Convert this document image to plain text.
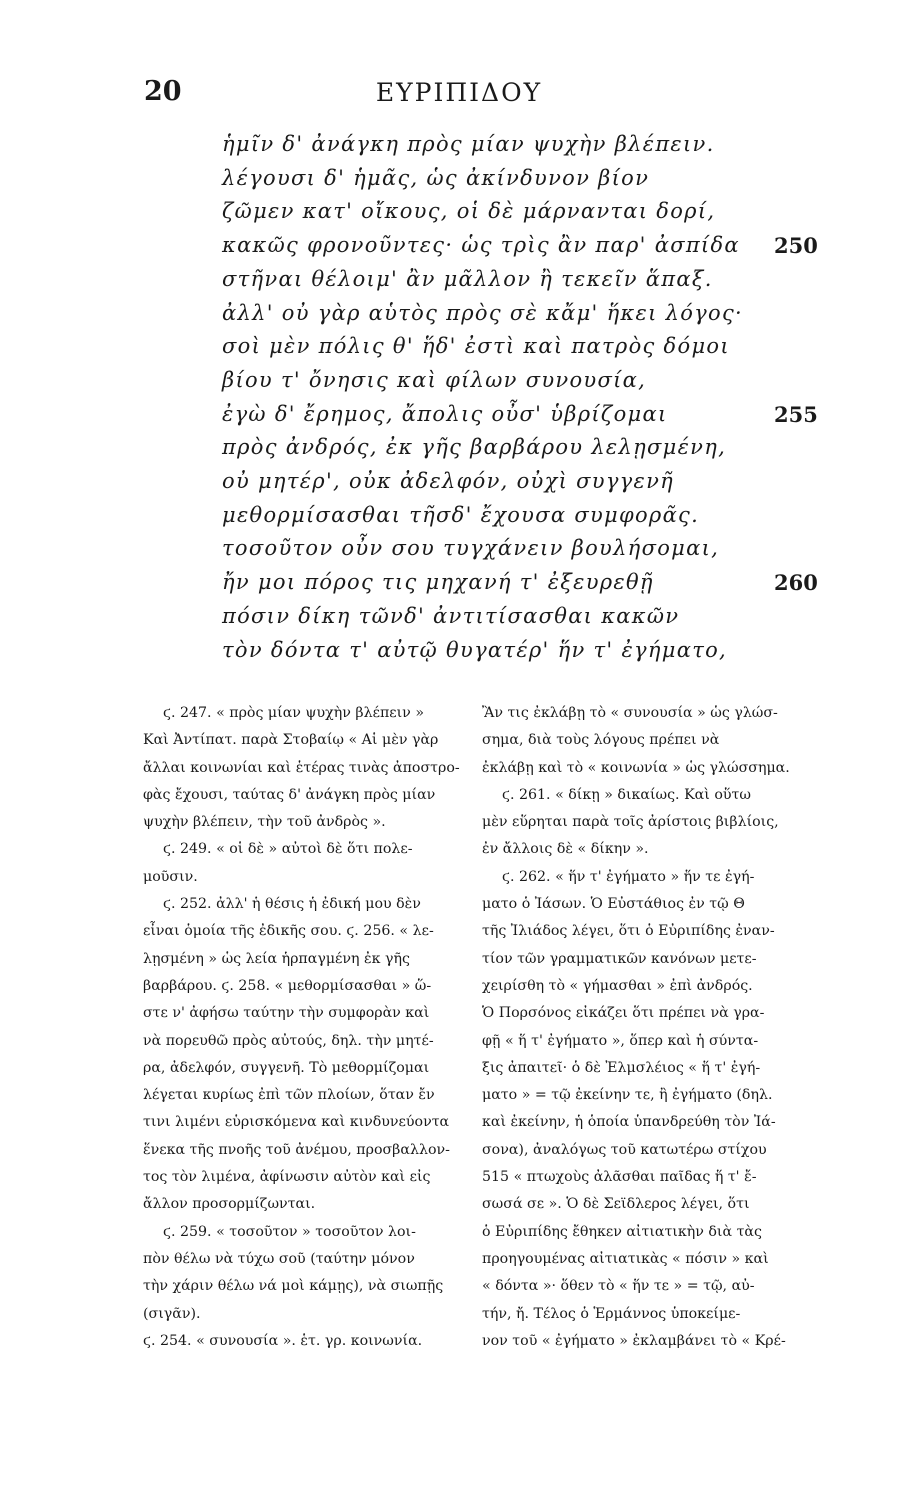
20	ΕΥΡΙΠΙΔΟΥ
ἡμῖν δ' ἀνάγκη πρὸς μίαν ψυχὴν βλέπειν.
λέγουσι δ' ἡμᾶς, ὡς ἀκίνδυνον βίον
ζῶμεν κατ' οἴκους, οἱ δὲ μάρνανται δορί,
κακῶς φρονοῦντες· ὡς τρὶς ἂν παρ' ἀσπίδα 250
στῆναι θέλοιμ' ἂν μᾶλλον ἢ τεκεῖν ἅπαξ.
ἀλλ' οὐ γὰρ αὑτὸς πρὸς σὲ κἄμ' ἥκει λόγος·
σοὶ μὲν πόλις θ' ἥδ' ἐστὶ καὶ πατρὸς δόμοι
βίου τ' ὄνησις καὶ φίλων συνουσία,
ἐγὼ δ' ἔρημος, ἄπολις οὖσ' ὑβρίζομαι	255
πρὸς ἀνδρός, ἐκ γῆς βαρβάρου λελῃσμένη,
οὐ μητέρ', οὐκ ἀδελφόν, οὐχὶ συγγενῆ
μεθορμίσασθαι τῆσδ' ἔχουσα συμφορᾶς.
τοσοῦτον οὖν σου τυγχάνειν βουλήσομαι,
ἤν μοι πόρος τις μηχανή τ' ἐξευρεθῇ	260
πόσιν δίκη τῶνδ' ἀντιτίσασθαι κακῶν
τὸν δόντα τ' αὐτῷ θυγατέρ' ἥν τ' ἐγήματο,
ϛ. 247. « πρὸς μίαν ψυχὴν βλέπειν »
Καὶ Ἀντίπατ. παρὰ Στοβαίῳ « Αἱ μὲν γὰρ
ἄλλαι κοινωνίαι καὶ ἑτέρας τινὰς ἀποστρο-
φὰς ἔχουσι, ταύτας δ' ἀνάγκη πρὸς μίαν
ψυχὴν βλέπειν, τὴν τοῦ ἀνδρὸς ».
ϛ. 249. « οἱ δὲ » αὐτοὶ δὲ ὅτι πολε-
μοῦσιν.
ϛ. 252. ἀλλ' ἡ θέσις ἡ ἐδική μου δὲν
εἶναι ὁμοία τῆς ἐδικῆς σου. ϛ. 256. « λε-
λῃσμένη » ὡς λεία ἡρπαγμένη ἐκ γῆς
βαρβάρου. ϛ. 258. « μεθορμίσασθαι » ὥ-
στε ν' ἀφήσω ταύτην τὴν συμφορὰν καὶ
νὰ πορευθῶ πρὸς αὐτούς, δηλ. τὴν μητέ-
ρα, ἀδελφόν, συγγενῆ. Τὸ μεθορμίζομαι
λέγεται κυρίως ἐπὶ τῶν πλοίων, ὅταν ἔν
τινι λιμένι εὑρισκόμενα καὶ κινδυνεύοντα
ἕνεκα τῆς πνοῆς τοῦ ἀνέμου, προσβαλλον-
τος τὸν λιμένα, ἀφίνωσιν αὐτὸν καὶ εἰς
ἄλλον προσορμίζωνται.
ϛ. 259. « τοσοῦτον » τοσοῦτον λοι-
πὸν θέλω νὰ τύχω σοῦ (ταύτην μόνον
τὴν χάριν θέλω νά μοὶ κάμῃς), νὰ σιωπῇς
(σιγᾶν).
ϛ. 254. « συνουσία ». ἑτ. γρ. κοινωνία.
Ἂν τις ἐκλάβῃ τὸ « συνουσία » ὡς γλώσ-
σημα, διὰ τοὺς λόγους πρέπει νὰ
ἐκλάβῃ καὶ τὸ « κοινωνία » ὡς γλώσσημα.
ϛ. 261. « δίκῃ » δικαίως. Καὶ οὕτω
μὲν εὕρηται παρὰ τοῖς ἀρίστοις βιβλίοις,
ἐν ἄλλοις δὲ « δίκην ».
ϛ. 262. « ἥν τ' ἐγήματο » ἥν τε ἐγή-
ματο ὁ Ἰάσων. Ὁ Εὐστάθιος ἐν τῷ Θ
τῆς Ἰλιάδος λέγει, ὅτι ὁ Εὐριπίδης ἐναν-
τίον τῶν γραμματικῶν κανόνων μετε-
χειρίσθη τὸ « γήμασθαι » ἐπὶ ἀνδρός.
Ὁ Πορσόνος εἰκάζει ὅτι πρέπει νὰ γρα-
φῇ « ἥ τ' ἐγήματο », ὅπερ καὶ ἡ σύντα-
ξις ἀπαιτεῖ· ὁ δὲ Ἐλμσλέιος « ἥ τ' ἐγή-
ματο » = τῷ ἐκείνην τε, ἢ ἐγήματο (δηλ.
καὶ ἐκείνην, ἡ ὁποία ὑπανδρεύθη τὸν Ἰά-
σονα), ἀναλόγως τοῦ κατωτέρω στίχου
515 « πτωχοὺς ἀλᾶσθαι παῖδας ἥ τ' ἔ-
σωσά σε ». Ὁ δὲ Σεϊδλερος λέγει, ὅτι
ὁ Εὐριπίδης ἔθηκεν αἰτιατικὴν διὰ τὰς
προηγουμένας αἰτιατικὰς « πόσιν » καὶ
« δόντα »· ὅθεν τὸ « ἥν τε » = τῷ, αὐ-
τήν, ἤ. Τέλος ὁ Ἑρμάννος ὑποκείμε-
νον τοῦ « ἐγήματο » ἐκλαμβάνει τὸ « Κρέ-
